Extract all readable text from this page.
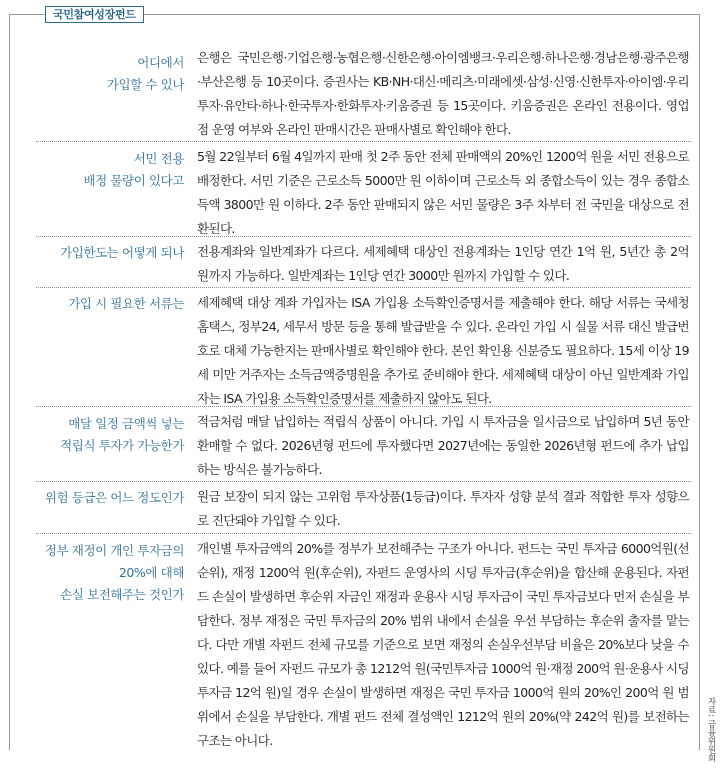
국민참여성장펀드
어디에서
가입할 수 있나
은행은 국민은행·기업은행·농협은행·신한은행·아이엠뱅크·우리은행·하나은행·경남은행·광주은행·부산은행 등 10곳이다. 증권사는 KB·NH·대신·메리츠·미래에셋·삼성·신영·신한투자·아이엠·우리투자·유안타·하나·한국투자·한화투자·키움증권 등 15곳이다. 키움증권은 온라인 전용이다. 영업점 운영 여부와 온라인 판매시간은 판매사별로 확인해야 한다.
서민 전용
배정 물량이 있다고
5월 22일부터 6월 4일까지 판매 첫 2주 동안 전체 판매액의 20%인 1200억 원을 서민 전용으로 배정한다. 서민 기준은 근로소득 5000만 원 이하이며 근로소득 외 종합소득이 있는 경우 종합소득액 3800만 원 이하다. 2주 동안 판매되지 않은 서민 물량은 3주 차부터 전 국민을 대상으로 전환된다.
가입한도는 어떻게 되나 전용계좌와 일반계좌가 다르다. 세제혜택 대상인 전용계좌는 1인당 연간 1억 원, 5년간 총 2억 원까지 가능하다. 일반계좌는 1인당 연간 3000만 원까지 가입할 수 있다.
가입 시 필요한 서류는 세제혜택 대상 계좌 가입자는 ISA 가입용 소득확인증명서를 제출해야 한다. 해당 서류는 국세청 홈택스, 정부24, 세무서 방문 등을 통해 발급받을 수 있다. 온라인 가입 시 실물 서류 대신 발급번호로 대체 가능한지는 판매사별로 확인해야 한다. 본인 확인용 신분증도 필요하다. 15세 이상 19세 미만 거주자는 소득금액증명원을 추가로 준비해야 한다. 세제혜택 대상이 아닌 일반계좌 가입자는 ISA 가입용 소득확인증명서를 제출하지 않아도 된다.
매달 일정 금액씩 넣는
적립식 투자가 가능한가
적금처럼 매달 납입하는 적립식 상품이 아니다. 가입 시 투자금을 일시금으로 납입하며 5년 동안 환매할 수 없다. 2026년형 펀드에 투자했다면 2027년에는 동일한 2026년형 펀드에 추가 납입하는 방식은 불가능하다.
위험 등급은 어느 정도인가 원금 보장이 되지 않는 고위험 투자상품(1등급)이다. 투자자 성향 분석 결과 적합한 투자 성향으로 진단돼야 가입할 수 있다.
정부 재정이 개인 투자금의
20%에 대해
손실 보전해주는 것인가
개인별 투자금액의 20%를 정부가 보전해주는 구조가 아니다. 펀드는 국민 투자금 6000억원(선순위), 재정 1200억 원(후순위), 자펀드 운영사의 시딩 투자금(후순위)을 합산해 운용된다. 자펀드 손실이 발생하면 후순위 자금인 재정과 운용사 시딩 투자금이 국민 투자금보다 먼저 손실을 부담한다. 정부 재정은 국민 투자금의 20% 범위 내에서 손실을 우선 부담하는 후순위 출자를 맡는다. 다만 개별 자펀드 전체 규모를 기준으로 보면 재정의 손실우선부담 비율은 20%보다 낮을 수 있다. 예를 들어 자펀드 규모가 총 1212억 원(국민투자금 1000억 원·재정 200억 원·운용사 시딩투자금 12억 원)일 경우 손실이 발생하면 재정은 국민 투자금 1000억 원의 20%인 200억 원 범위에서 손실을 부담한다. 개별 펀드 전체 결성액인 1212억 원의 20%(약 242억 원)를 보전하는 구조는 아니다.	자료: 금융위원회
